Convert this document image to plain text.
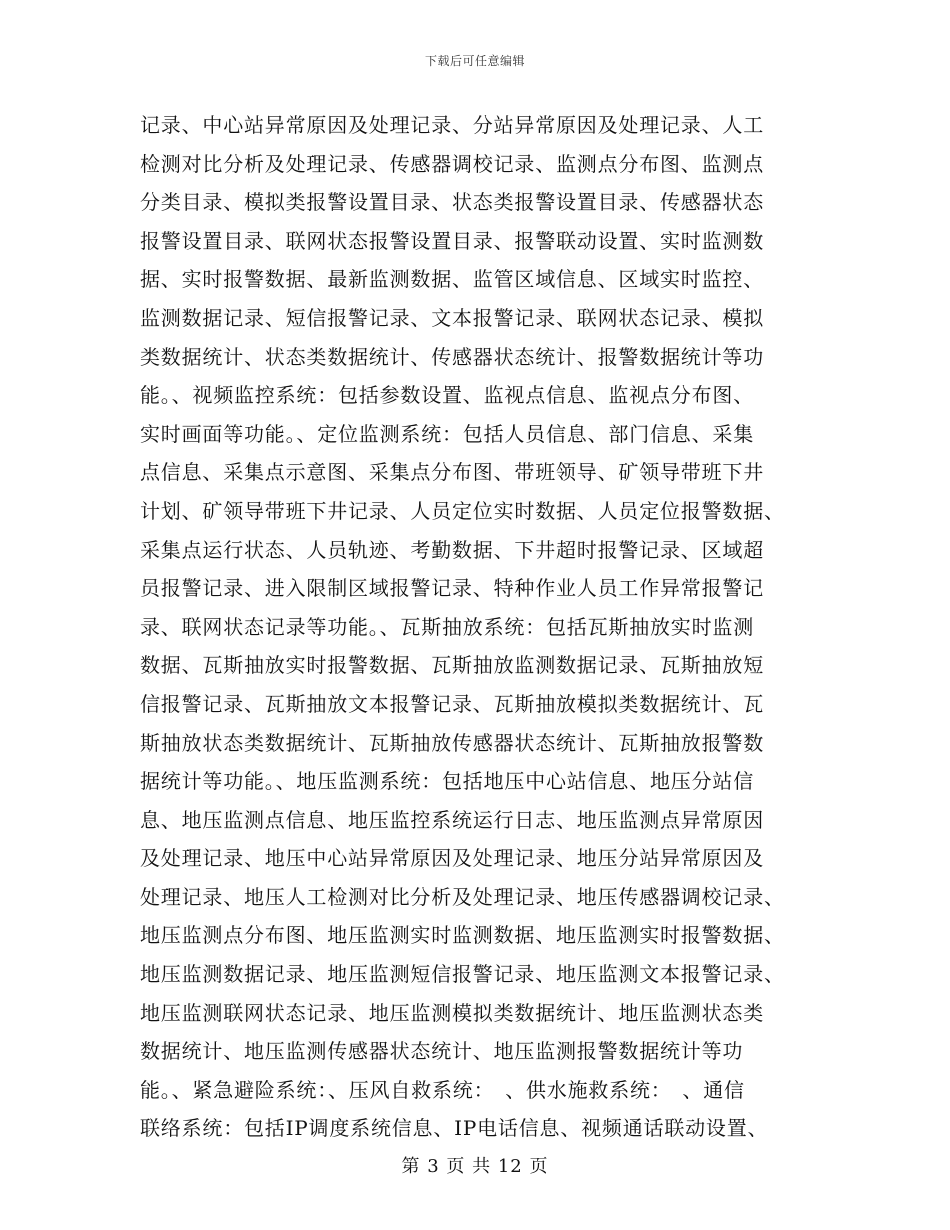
下载后可任意编辑
记录、中心站异常原因及处理记录、分站异常原因及处理记录、人工
检测对比分析及处理记录、传感器调校记录、监测点分布图、监测点
分类目录、模拟类报警设置目录、状态类报警设置目录、传感器状态
报警设置目录、联网状态报警设置目录、报警联动设置、实时监测数
据、实时报警数据、最新监测数据、监管区域信息、区域实时监控、
监测数据记录、短信报警记录、文本报警记录、联网状态记录、模拟
类数据统计、状态类数据统计、传感器状态统计、报警数据统计等功
能。、视频监控系统：包括参数设置、监视点信息、监视点分布图、
实时画面等功能。、定位监测系统：包括人员信息、部门信息、采集
点信息、采集点示意图、采集点分布图、带班领导、矿领导带班下井
计划、矿领导带班下井记录、人员定位实时数据、人员定位报警数据、
采集点运行状态、人员轨迹、考勤数据、下井超时报警记录、区域超
员报警记录、进入限制区域报警记录、特种作业人员工作异常报警记
录、联网状态记录等功能。、瓦斯抽放系统：包括瓦斯抽放实时监测
数据、瓦斯抽放实时报警数据、瓦斯抽放监测数据记录、瓦斯抽放短
信报警记录、瓦斯抽放文本报警记录、瓦斯抽放模拟类数据统计、瓦
斯抽放状态类数据统计、瓦斯抽放传感器状态统计、瓦斯抽放报警数
据统计等功能。、地压监测系统：包括地压中心站信息、地压分站信
息、地压监测点信息、地压监控系统运行日志、地压监测点异常原因
及处理记录、地压中心站异常原因及处理记录、地压分站异常原因及
处理记录、地压人工检测对比分析及处理记录、地压传感器调校记录、
地压监测点分布图、地压监测实时监测数据、地压监测实时报警数据、
地压监测数据记录、地压监测短信报警记录、地压监测文本报警记录、
地压监测联网状态记录、地压监测模拟类数据统计、地压监测状态类
数据统计、地压监测传感器状态统计、地压监测报警数据统计等功
能。、紧急避险系统：、压风自救系统：　、供水施救系统：　、通信
联络系统：包括IP调度系统信息、IP电话信息、视频通话联动设置、
第 3 页 共 12 页
